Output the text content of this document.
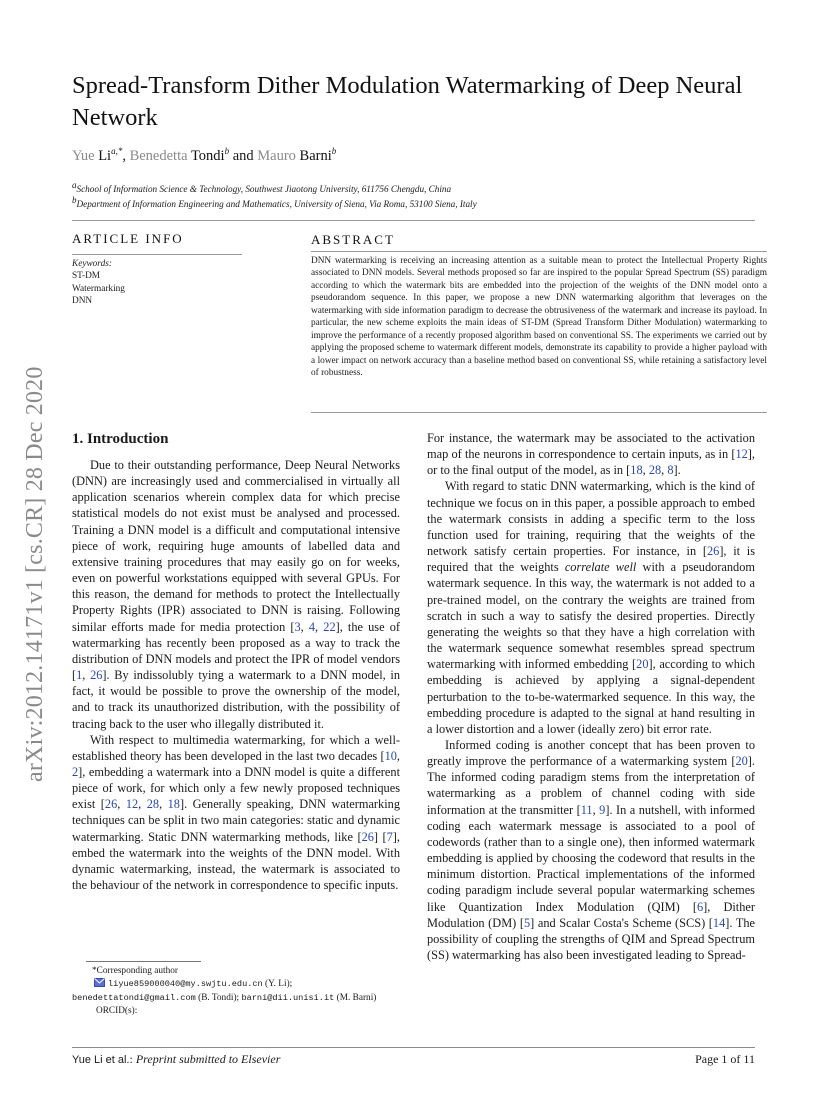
arXiv:2012.14171v1 [cs.CR] 28 Dec 2020
Spread-Transform Dither Modulation Watermarking of Deep Neural Network
Yue $Li^{a,*}$, Benedetta Tondi$^b$ and Mauro Barni$^b$
$^a$School of Information Science & Technology, Southwest Jiaotong University, 611756 Chengdu, China
$^b$Department of Information Engineering and Mathematics, University of Siena, Via Roma, 53100 Siena, Italy
ARTICLE INFO
Keywords:
ST-DM
Watermarking
DNN
ABSTRACT
DNN watermarking is receiving an increasing attention as a suitable mean to protect the Intellectual Property Rights associated to DNN models. Several methods proposed so far are inspired to the popular Spread Spectrum (SS) paradigm according to which the watermark bits are embedded into the projection of the weights of the DNN model onto a pseudorandom sequence. In this paper, we propose a new DNN watermarking algorithm that leverages on the watermarking with side information paradigm to decrease the obtrusiveness of the watermark and increase its payload. In particular, the new scheme exploits the main ideas of ST-DM (Spread Transform Dither Modulation) watermarking to improve the performance of a recently proposed algorithm based on conventional SS. The experiments we carried out by applying the proposed scheme to watermark different models, demonstrate its capability to provide a higher payload with a lower impact on network accuracy than a baseline method based on conventional SS, while retaining a satisfactory level of robustness.
1. Introduction

Due to their outstanding performance, Deep Neural Networks (DNN) are increasingly used and commercialised in virtually all application scenarios wherein complex data for which precise statistical models do not exist must be analysed and processed. Training a DNN model is a difficult and computational intensive piece of work, requiring huge amounts of labelled data and extensive training procedures that may easily go on for weeks, even on powerful workstations equipped with several GPUs. For this reason, the demand for methods to protect the Intellectually Property Rights (IPR) associated to DNN is raising. Following similar efforts made for media protection [3, 4, 22], the use of watermarking has recently been proposed as a way to track the distribution of DNN models and protect the IPR of model vendors [1, 26]. By indissolubly tying a watermark to a DNN model, in fact, it would be possible to prove the ownership of the model, and to track its unauthorized distribution, with the possibility of tracing back to the user who illegally distributed it.

With respect to multimedia watermarking, for which a well-established theory has been developed in the last two decades [10, 2], embedding a watermark into a DNN model is quite a different piece of work, for which only a few newly proposed techniques exist [26, 12, 28, 18]. Generally speaking, DNN watermarking techniques can be split in two main categories: static and dynamic watermarking. Static DNN watermarking methods, like [26] [7], embed the watermark into the weights of the DNN model. With dynamic watermarking, instead, the watermark is associated to the behaviour of the network in correspondence to specific inputs.

For instance, the watermark may be associated to the activation map of the neurons in correspondence to certain inputs, as in [12], or to the final output of the model, as in [18, 28, 8].

With regard to static DNN watermarking, which is the kind of technique we focus on in this paper, a possible approach to embed the watermark consists in adding a specific term to the loss function used for training, requiring that the weights of the network satisfy certain properties. For instance, in [26], it is required that the weights correlate well with a pseudorandom watermark sequence. In this way, the watermark is not added to a pre-trained model, on the contrary the weights are trained from scratch in such a way to satisfy the desired properties. Directly generating the weights so that they have a high correlation with the watermark sequence somewhat resembles spread spectrum watermarking with informed embedding [20], according to which embedding is achieved by applying a signal-dependent perturbation to the to-be-watermarked sequence. In this way, the embedding procedure is adapted to the signal at hand resulting in a lower distortion and a lower (ideally zero) bit error rate.

Informed coding is another concept that has been proven to greatly improve the performance of a watermarking system [20]. The informed coding paradigm stems from the interpretation of watermarking as a problem of channel coding with side information at the transmitter [11, 9]. In a nutshell, with informed coding each watermark message is associated to a pool of codewords (rather than to a single one), then informed watermark embedding is applied by choosing the codeword that results in the minimum distortion. Practical implementations of the informed coding paradigm include several popular watermarking schemes like Quantization Index Modulation (QIM) [6], Dither Modulation (DM) [5] and Scalar Costa's Scheme (SCS) [14]. The possibility of coupling the strengths of QIM and Spread Spectrum (SS) watermarking has also been investigated leading to Spread-

*Corresponding author
liyue859000040@my.swjtu.edu.cn (Y. Li);
benedettatondi@gmail.com (B. Tondi); barni@dii.unisi.it (M. Barni)
ORCID(s):
Yue Li et al.: Preprint submitted to Elsevier	Page 1 of 11
